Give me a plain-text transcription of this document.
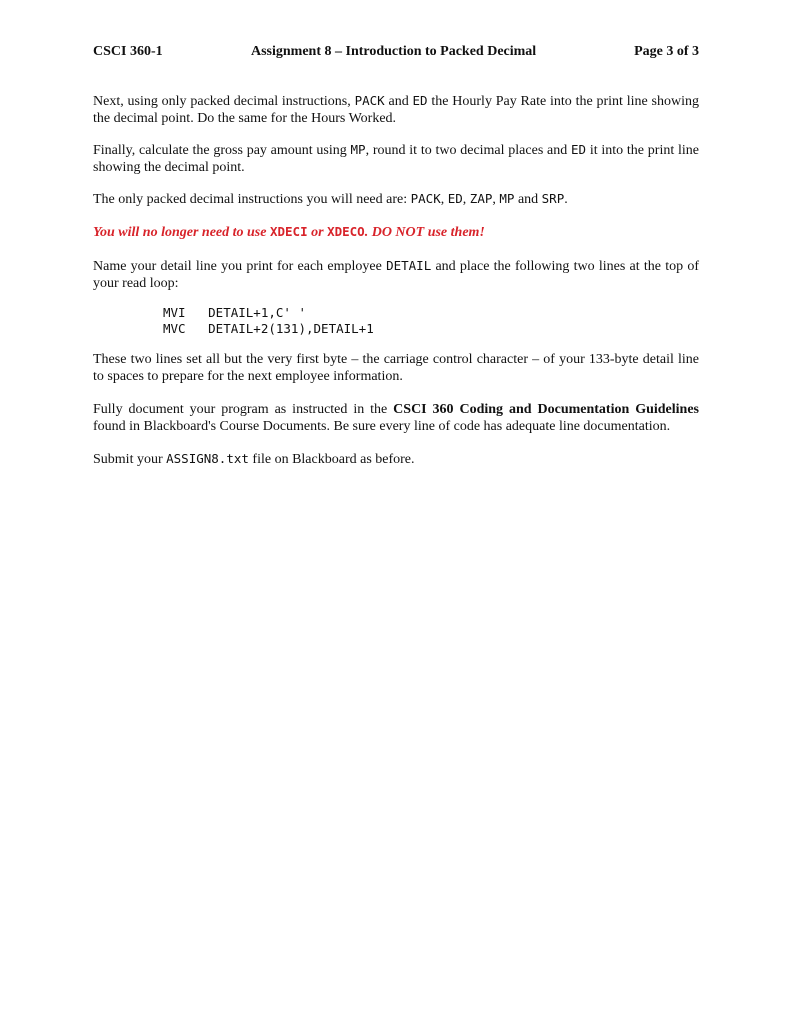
CSCI 360-1	Assignment 8 – Introduction to Packed Decimal	Page 3 of 3

Next, using only packed decimal instructions, PACK and ED the Hourly Pay Rate into the print line showing the decimal point. Do the same for the Hours Worked.

Finally, calculate the gross pay amount using MP, round it to two decimal places and ED it into the print line showing the decimal point.

The only packed decimal instructions you will need are: PACK, ED, ZAP, MP and SRP.

You will no longer need to use XDECI or XDECO. DO NOT use them!

Name your detail line you print for each employee DETAIL and place the following two lines at the top of your read loop:

MVI   DETAIL+1,C' '
MVC   DETAIL+2(131),DETAIL+1

These two lines set all but the very first byte – the carriage control character – of your 133-byte detail line to spaces to prepare for the next employee information.

Fully document your program as instructed in the CSCI 360 Coding and Documentation Guidelines found in Blackboard's Course Documents. Be sure every line of code has adequate line documentation.

Submit your ASSIGN8.txt file on Blackboard as before.
